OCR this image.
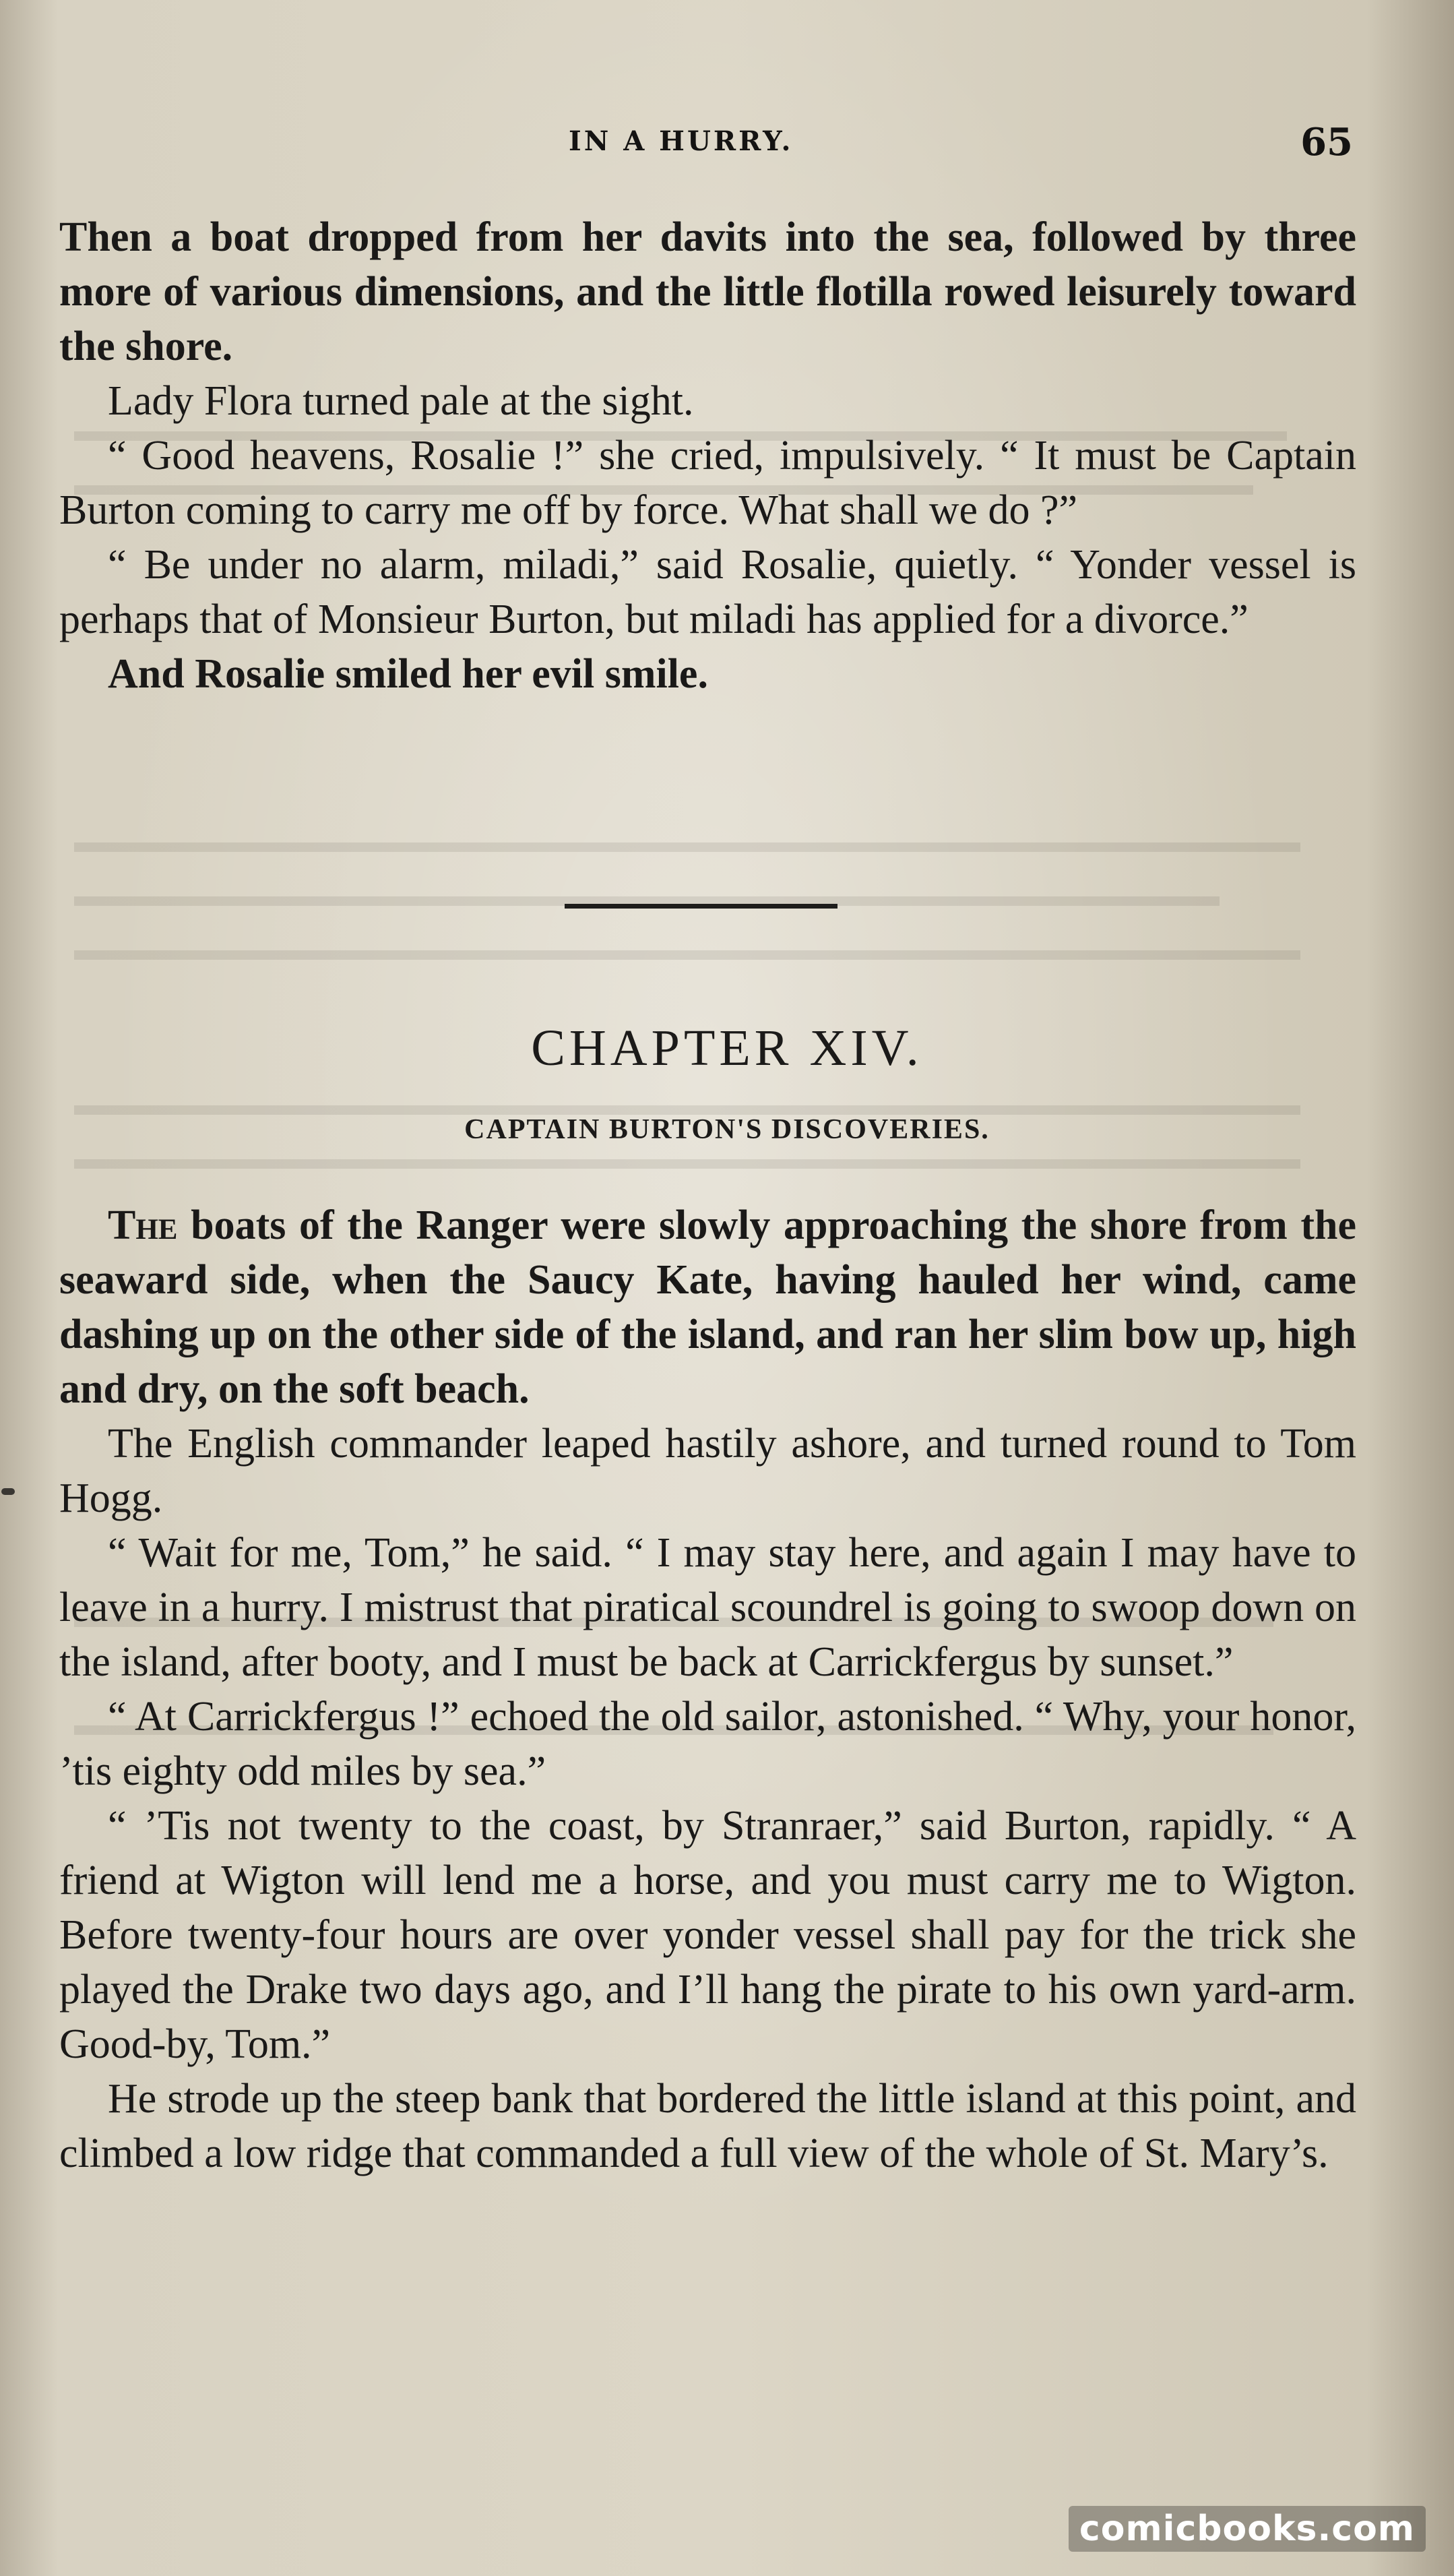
IN A HURRY.	65

Then a boat dropped from her davits into the sea, followed by three more of various dimensions, and the little flotilla rowed leisurely toward the shore.

Lady Flora turned pale at the sight.

“ Good heavens, Rosalie !” she cried, impulsively. “ It must be Captain Burton coming to carry me off by force. What shall we do ?”

“ Be under no alarm, miladi,” said Rosalie, quietly. “ Yonder vessel is perhaps that of Monsieur Burton, but miladi has applied for a divorce.”

And Rosalie smiled her evil smile.

CHAPTER XIV.
CAPTAIN BURTON'S DISCOVERIES.

The boats of the Ranger were slowly approaching the shore from the seaward side, when the Saucy Kate, having hauled her wind, came dashing up on the other side of the island, and ran her slim bow up, high and dry, on the soft beach.

The English commander leaped hastily ashore, and turned round to Tom Hogg.

“ Wait for me, Tom,” he said. “ I may stay here, and again I may have to leave in a hurry. I mistrust that piratical scoundrel is going to swoop down on the island, after booty, and I must be back at Carrickfergus by sunset.”

“ At Carrickfergus !” echoed the old sailor, astonished. “ Why, your honor, ’tis eighty odd miles by sea.”

“ ’Tis not twenty to the coast, by Stranraer,” said Burton, rapidly. “ A friend at Wigton will lend me a horse, and you must carry me to Wigton. Before twenty-four hours are over yonder vessel shall pay for the trick she played the Drake two days ago, and I’ll hang the pirate to his own yard-arm. Good-by, Tom.”

He strode up the steep bank that bordered the little island at this point, and climbed a low ridge that commanded a full view of the whole of St. Mary’s.

comicbooks.com
